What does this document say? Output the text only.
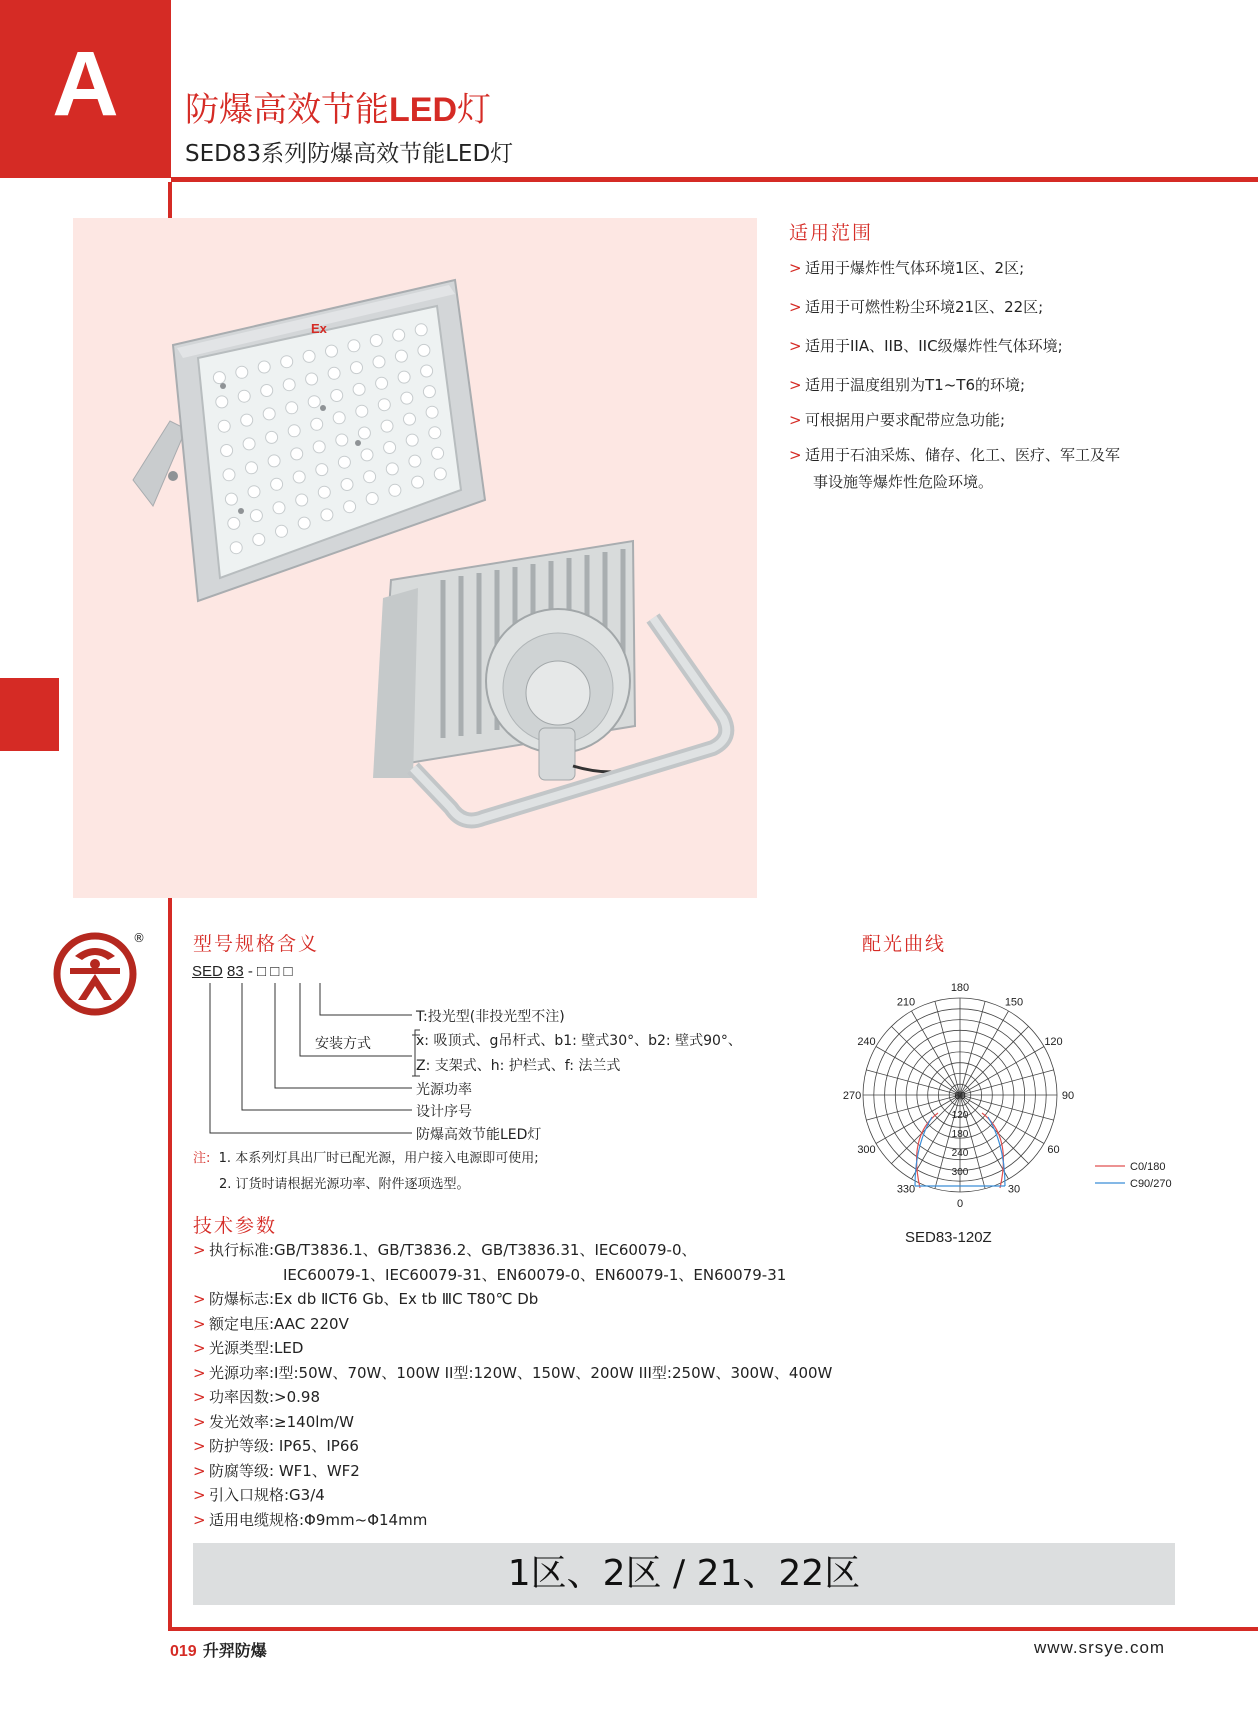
A	防爆高效节能LED灯
SED83系列防爆高效节能LED灯
Ex
适用范围
> 适用于爆炸性气体环境1区、2区;
> 适用于可燃性粉尘环境21区、22区;
> 适用于IIA、IIB、IIC级爆炸性气体环境;
> 适用于温度组别为T1~T6的环境;
> 可根据用户要求配带应急功能;
> 适用于石油采炼、储存、化工、医疗、军工及军
事设施等爆炸性危险环境。
®	型号规格含义
SED 83 - □ □ □
T:投光型(非投光型不注)
安装方式	x: 吸顶式、g吊杆式、b1: 壁式30°、b2: 壁式90°、
Z: 支架式、h: 护栏式、f: 法兰式
光源功率
设计序号
防爆高效节能LED灯
注: 1. 本系列灯具出厂时已配光源，用户接入电源即可使用;
2. 订货时请根据光源功率、附件逐项选型。
配光曲线
180
150
120
90
60
30
0
330
300
270
240
210
60
120
180
240
300	C0/180
C90/270
SED83-120Z
技术参数
> 执行标准:GB/T3836.1、GB/T3836.2、GB/T3836.31、IEC60079-0、
IEC60079-1、IEC60079-31、EN60079-0、EN60079-1、EN60079-31
> 防爆标志:Ex db ⅡCT6 Gb、Ex tb ⅢC T80℃ Db
> 额定电压:AAC 220V
> 光源类型:LED
> 光源功率:I型:50W、70W、100W II型:120W、150W、200W III型:250W、300W、400W
> 功率因数:>0.98
> 发光效率:≥140lm/W
> 防护等级: IP65、IP66
> 防腐等级: WF1、WF2
> 引入口规格:G3/4
> 适用电缆规格:Φ9mm~Φ14mm
1区、2区 / 21、22区
019 升羿防爆	www.srsye.com
